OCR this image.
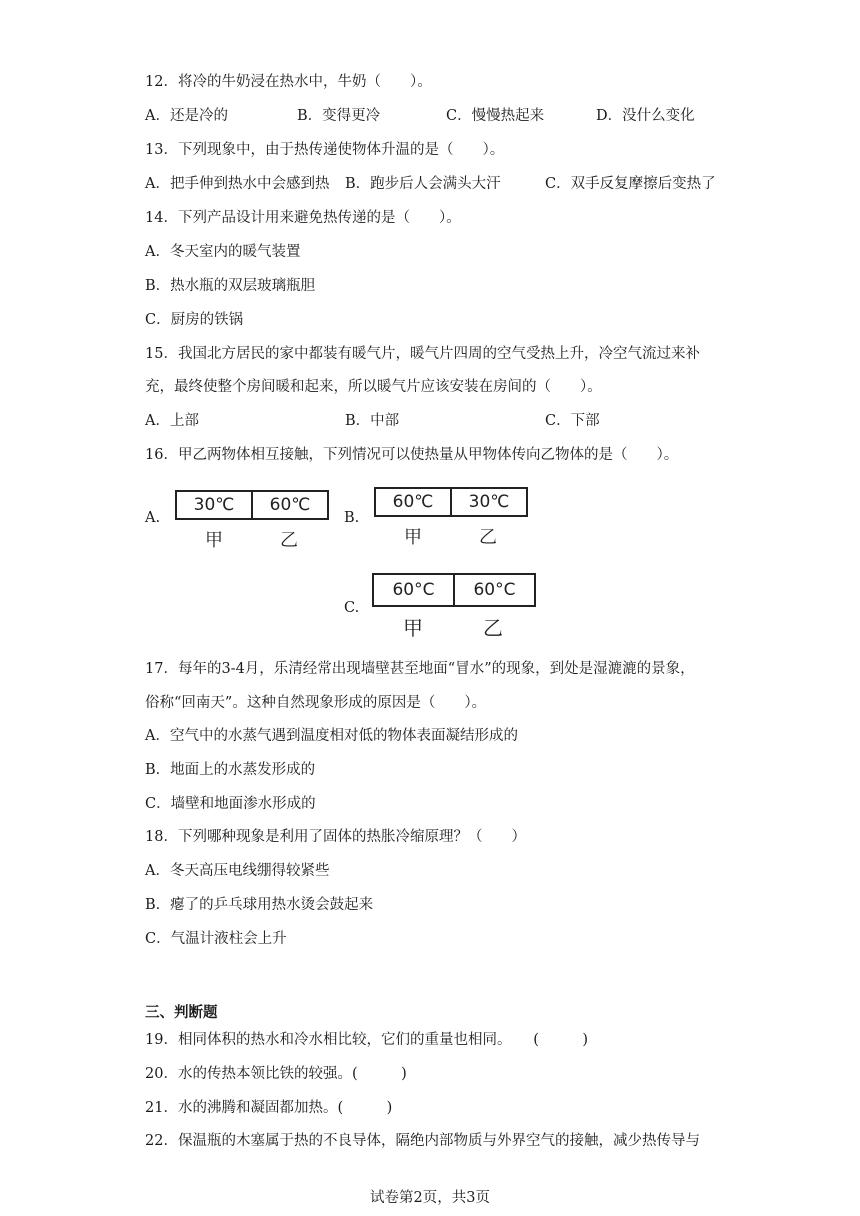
12．将冷的牛奶浸在热水中，牛奶（　　）。
A．还是冷的	B．变得更冷	C．慢慢热起来	D．没什么变化
13．下列现象中，由于热传递使物体升温的是（　　）。
A．把手伸到热水中会感到热 B．跑步后人会满头大汗	C．双手反复摩擦后变热了
14．下列产品设计用来避免热传递的是（　　）。
A．冬天室内的暖气装置
B．热水瓶的双层玻璃瓶胆
C．厨房的铁锅
15．我国北方居民的家中都装有暖气片，暖气片四周的空气受热上升，冷空气流过来补
充，最终使整个房间暖和起来，所以暖气片应该安装在房间的（　　）。
A．上部	B．中部	C．下部
16．甲乙两物体相互接触，下列情况可以使热量从甲物体传向乙物体的是（　　）。
A.
30℃	60℃
甲	乙
B.
60℃	30℃
甲	乙
C.
60°C	60°C
甲	乙
17．每年的3-4月，乐清经常出现墙壁甚至地面“冒水”的现象，到处是湿漉漉的景象，
俗称“回南天”。这种自然现象形成的原因是（　　）。
A．空气中的水蒸气遇到温度相对低的物体表面凝结形成的
B．地面上的水蒸发形成的
C．墙壁和地面渗水形成的
18．下列哪种现象是利用了固体的热胀冷缩原理？（　　）
A．冬天高压电线绷得较紧些
B．瘪了的乒乓球用热水烫会鼓起来
C．气温计液柱会上升
三、判断题
19．相同体积的热水和冷水相比较，它们的重量也相同。　　(　　　)
20．水的传热本领比铁的较强。(　　　)
21．水的沸腾和凝固都加热。(　　　)
22．保温瓶的木塞属于热的不良导体，隔绝内部物质与外界空气的接触，减少热传导与
试卷第2页，共3页
